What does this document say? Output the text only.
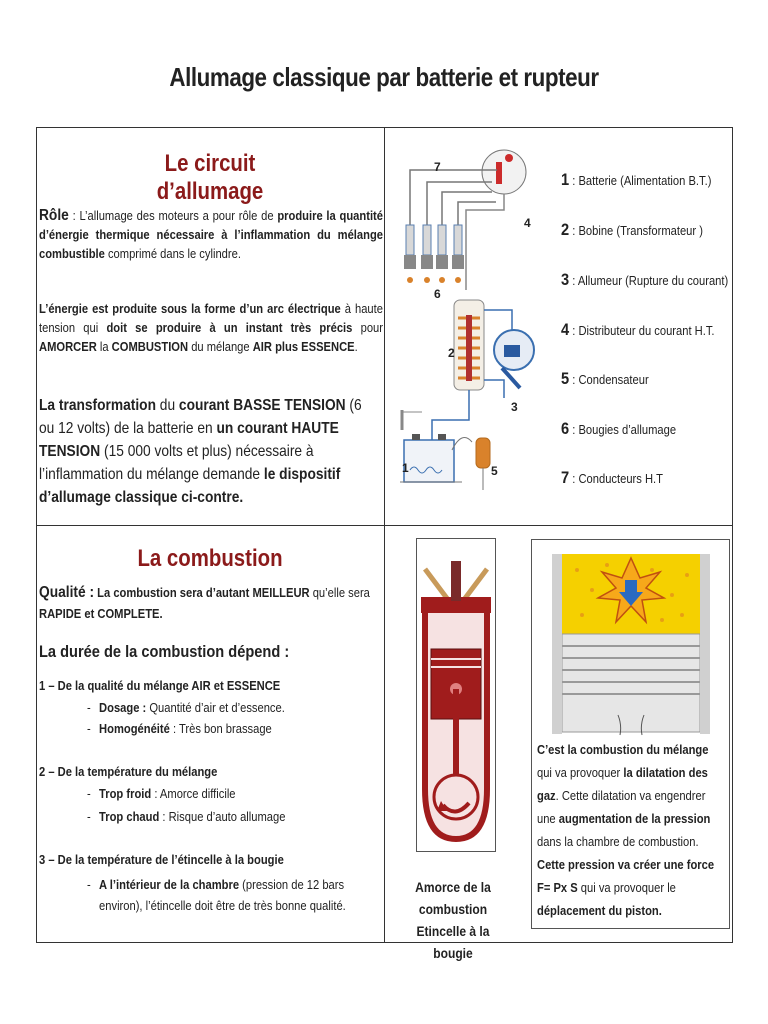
Allumage classique par batterie et rupteur
Le circuit d’allumage

Rôle : L’allumage des moteurs a pour rôle de produire la quantité d’énergie thermique nécessaire à l’inflammation du mélange combustible comprimé dans le cylindre.

L’énergie est produite sous la forme d’un arc électrique à haute tension qui doit se produire à un instant très précis pour AMORCER la COMBUSTION du mélange AIR plus ESSENCE.

La transformation du courant BASSE TENSION (6 ou 12 volts) de la batterie en un courant HAUTE TENSION (15 000 volts et plus) nécessaire à l’inflammation du mélange demande le dispositif d’allumage classique ci-contre.

7
4
6
2
3
1	5
1 : Batterie (Alimentation B.T.)
2 : Bobine (Transformateur )
3 : Allumeur (Rupture du courant)
4 : Distributeur du courant H.T.
5 : Condensateur
6 : Bougies d’allumage
7 : Conducteurs H.T
La combustion
Qualité : La combustion sera d’autant MEILLEUR qu’elle sera RAPIDE et COMPLETE.
La durée de la combustion dépend :
1 – De la qualité du mélange AIR et ESSENCE
- Dosage : Quantité d’air et d’essence.
- Homogénéité : Très bon brassage
2 – De la température du mélange
- Trop froid : Amorce difficile
- Trop chaud : Risque d’auto allumage
3 – De la température de l’étincelle à la bougie
- A l’intérieur de la chambre (pression de 12 bars environ), l’étincelle doit être de très bonne qualité.
Amorce de la combustion
Etincelle à la bougie
C’est la combustion du mélange qui va provoquer la dilatation des gaz. Cette dilatation va engendrer une augmentation de la pression dans la chambre de combustion. Cette pression va créer une force F= Px S qui va provoquer le déplacement du piston.
